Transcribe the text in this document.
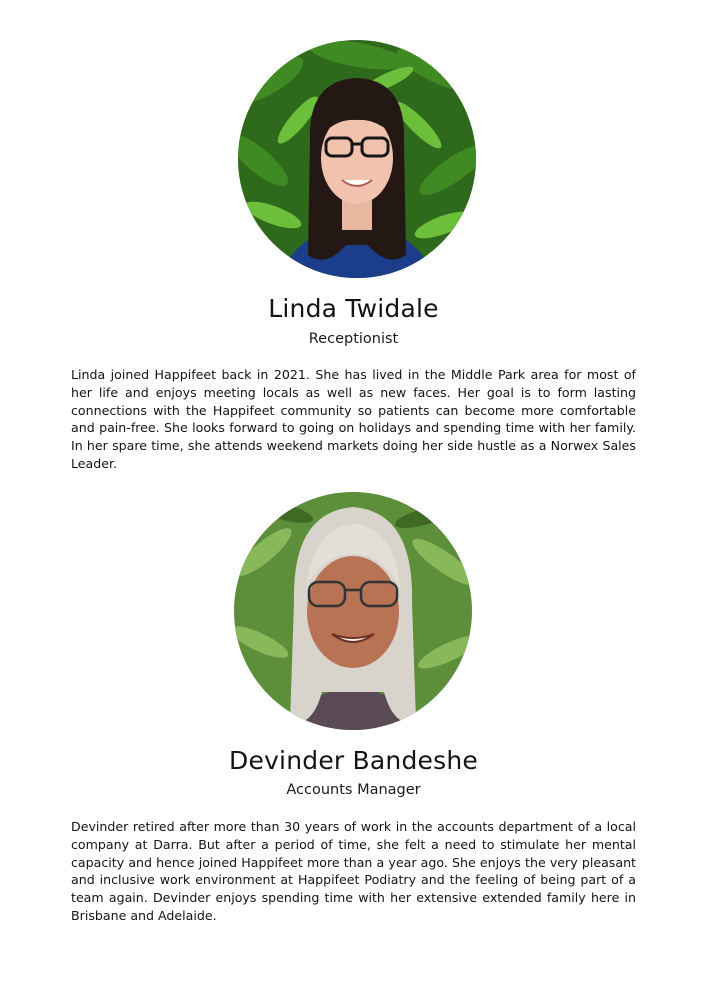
Linda Twidale
Receptionist

Linda joined Happifeet back in 2021. She has lived in the Middle Park area for most of her life and enjoys meeting locals as well as new faces. Her goal is to form lasting connections with the Happifeet community so patients can become more comfortable and pain-free. She looks forward to going on holidays and spending time with her family. In her spare time, she attends weekend markets doing her side hustle as a Norwex Sales Leader.

Devinder Bandeshe
Accounts Manager

Devinder retired after more than 30 years of work in the accounts department of a local company at Darra. But after a period of time, she felt a need to stimulate her mental capacity and hence joined Happifeet more than a year ago. She enjoys the very pleasant and inclusive work environment at Happifeet Podiatry and the feeling of being part of a team again. Devinder enjoys spending time with her extensive extended family here in Brisbane and Adelaide.
